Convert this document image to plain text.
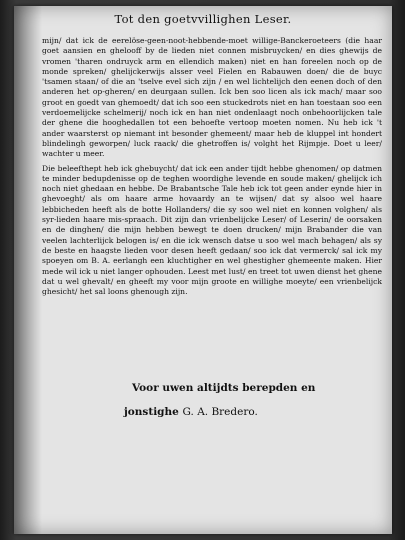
Tot den goetvvillighen Leser.

mijn/ dat ick de eerelöse-geen-noot-hebbende-moet willige-Banckeroeteers (die haar goet aansien en ghelooff by de lieden niet connen misbruycken/ en dies ghewijs de vromen 'tharen ondruyck arm en ellendich maken) niet en han foreelen noch op de monde spreken/ ghelijckerwijs alsser veel Fielen en Rabauwen doen/ die de buyc 'tsamen staan/ of die an 'tselve evel sich zijn / en wel lichtelijch den eenen doch of den anderen het op-gheren/ en deurgaan sullen. Ick ben soo licen als ick mach/ maar soo groot en goedt van ghemoedt/ dat ich soo een stuckedrots niet en han toestaan soo een verdoemelijcke schelmerij/ noch ick en han niet ondenlaagt noch onbehoorlijcken tale der ghene die hooghedallen tot een behoefte vertoop moeten nomen. Nu heb ick 't ander waarsterst op niemant int besonder ghemeent/ maar heb de kluppel int hondert blindelingh geworpen/ luck raack/ die ghetroffen is/ volght het Rijmpje. Doet u leer/ wachter u meer.

Die beleefthept heb ick ghebuycht/ dat ick een ander tijdt hebbe ghenomen/ op datmen te minder bedupdenisse op de teghen woordighe levende en soude maken/ ghelijck ich noch niet ghedaan en hebbe. De Brabantsche Tale heb ick tot geen ander eynde hier in ghevoeght/ als om haare arme hovaardy an te wijsen/ dat sy alsoo wel haare lebbicheden heeft als de botte Hollanders/ die sy soo wel niet en konnen volghen/ als syr-lieden haare mis-spraach. Dit zijn dan vrienbelijcke Leser/ of Leserin/ de oorsaken en de dinghen/ die mijn hebben bewegt te doen drucken/ mijn Brabander die van veelen lachterlijck belogen is/ en die ick wensch datse u soo wel mach behagen/ als sy de beste en haagste lieden voor desen heeft gedaan/ soo ick dat vermerck/ sal ick my spoeyen om B. A. eerlangh een kluchtigher en wel ghestigher ghemeente maken. Hier mede wil ick u niet langer ophouden. Leest met lust/ en treet tot uwen dienst het ghene dat u wel ghevalt/ en gheeft my voor mijn groote en willighe moeyte/ een vrienbelijck ghesicht/ het sal loons ghenough zijn.

Voor uwen altijdts berepden en
jonstighe G. A. Bredero.
